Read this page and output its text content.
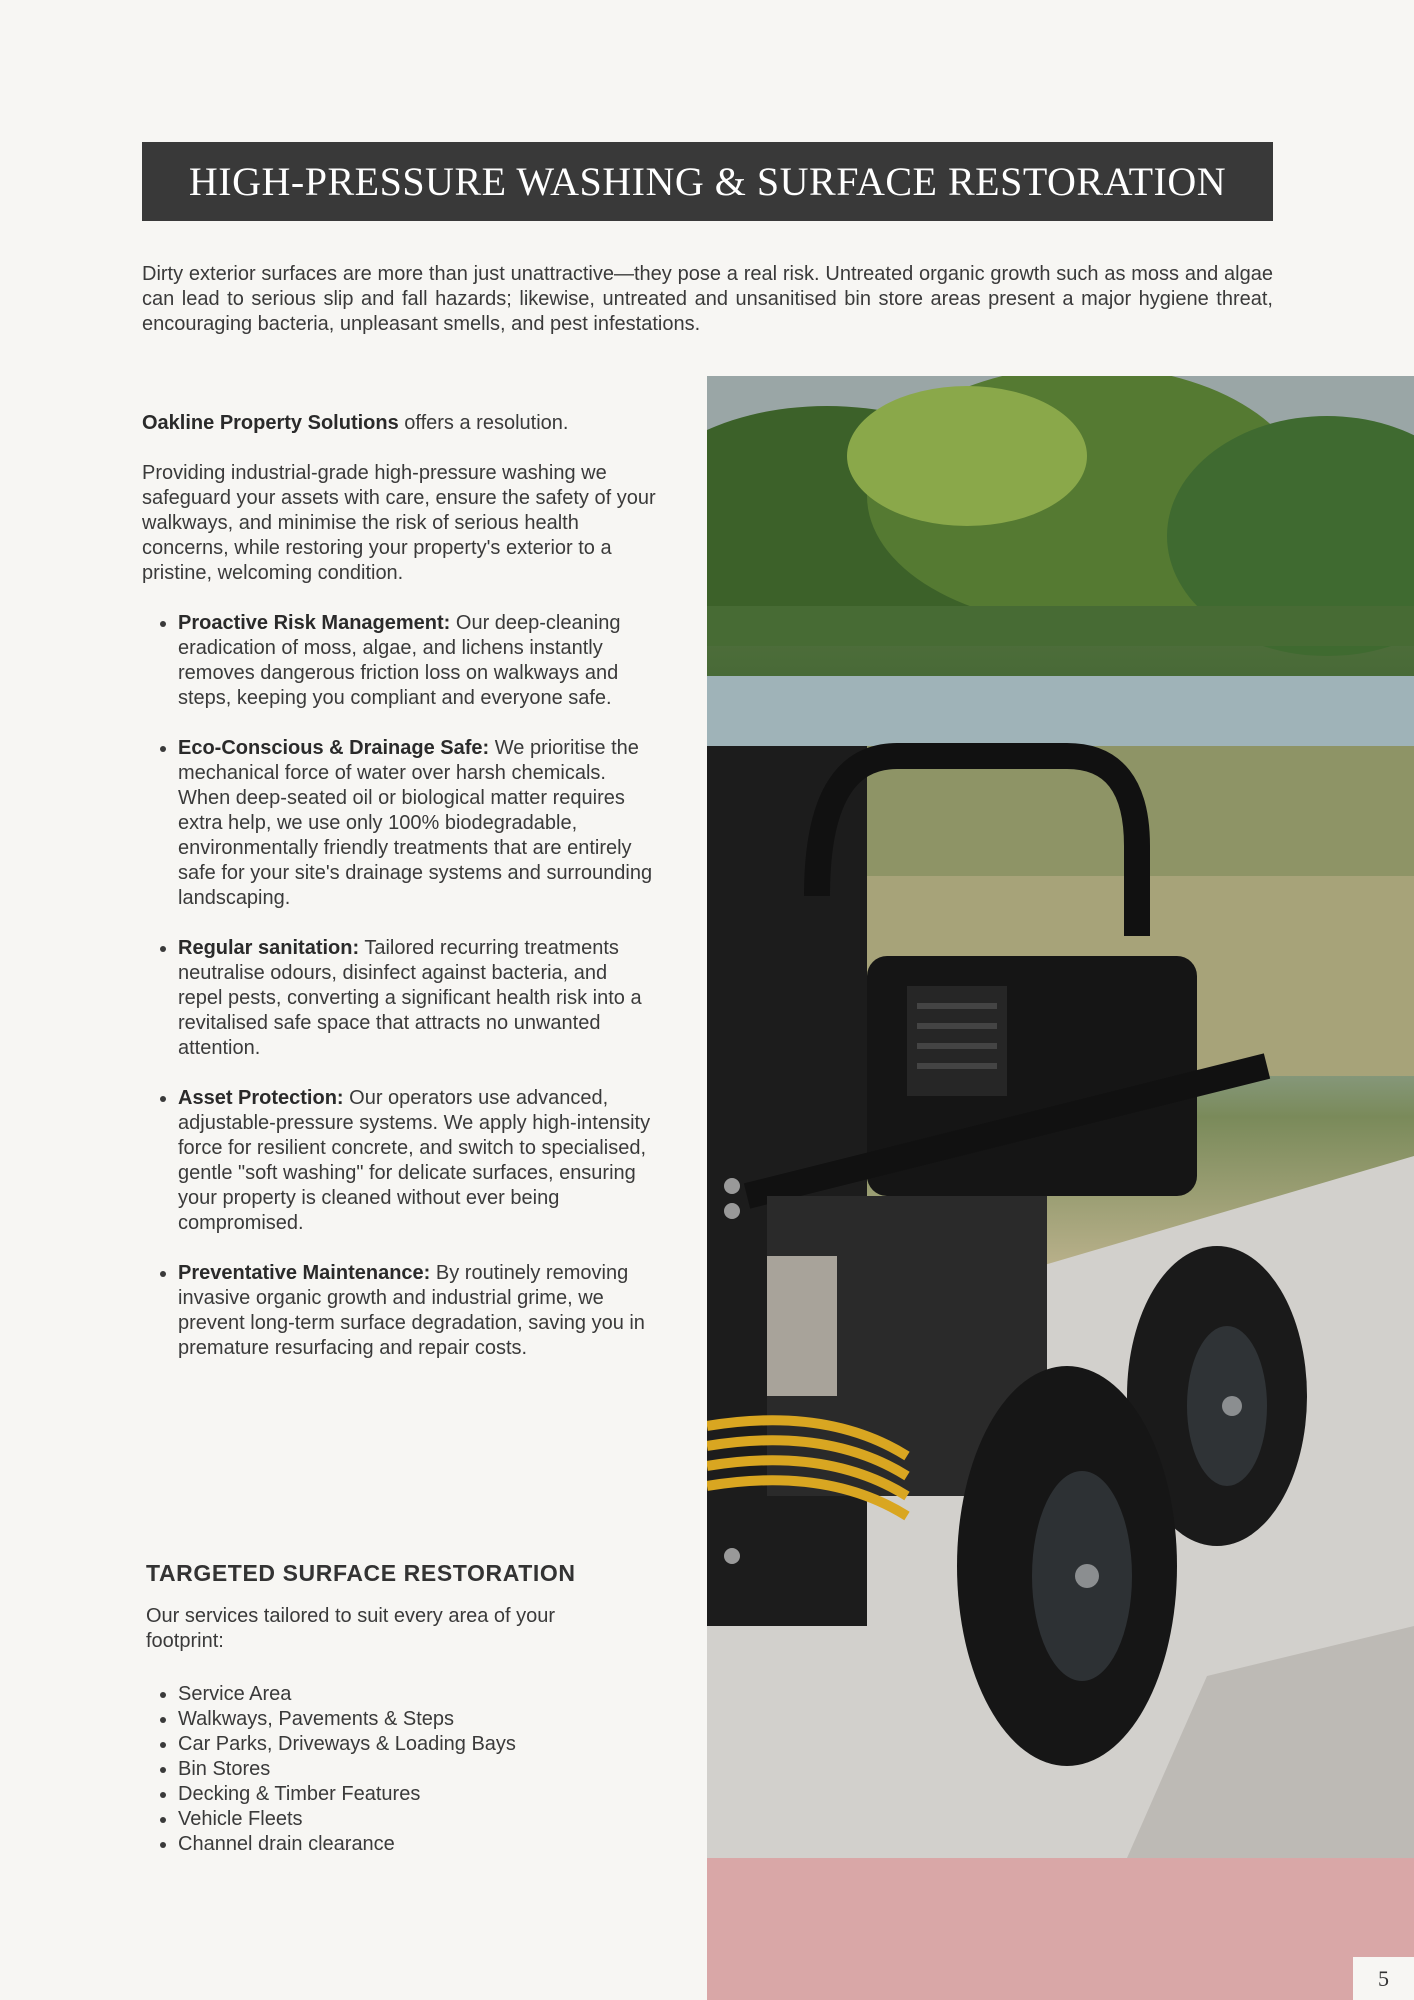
HIGH-PRESSURE WASHING & SURFACE RESTORATION

Dirty exterior surfaces are more than just unattractive—they pose a real risk. Untreated organic growth such as moss and algae can lead to serious slip and fall hazards; likewise, untreated and unsanitised bin store areas present a major hygiene threat, encouraging bacteria, unpleasant smells, and pest infestations.

Oakline Property Solutions offers a resolution.

Providing industrial-grade high-pressure washing we safeguard your assets with care, ensure the safety of your walkways, and minimise the risk of serious health concerns, while restoring your property's exterior to a pristine, welcoming condition.

• Proactive Risk Management: Our deep-cleaning eradication of moss, algae, and lichens instantly removes dangerous friction loss on walkways and steps, keeping you compliant and everyone safe.
• Eco-Conscious & Drainage Safe: We prioritise the mechanical force of water over harsh chemicals. When deep-seated oil or biological matter requires extra help, we use only 100% biodegradable, environmentally friendly treatments that are entirely safe for your site's drainage systems and surrounding landscaping.
• Regular sanitation: Tailored recurring treatments neutralise odours, disinfect against bacteria, and repel pests, converting a significant health risk into a revitalised safe space that attracts no unwanted attention.
• Asset Protection: Our operators use advanced, adjustable-pressure systems. We apply high-intensity force for resilient concrete, and switch to specialised, gentle "soft washing" for delicate surfaces, ensuring your property is cleaned without ever being compromised.
• Preventative Maintenance: By routinely removing invasive organic growth and industrial grime, we prevent long-term surface degradation, saving you in premature resurfacing and repair costs.
TARGETED SURFACE RESTORATION
Our services tailored to suit every area of your footprint:
• Service Area
• Walkways, Pavements & Steps
• Car Parks, Driveways & Loading Bays
• Bin Stores
• Decking & Timber Features
• Vehicle Fleets
• Channel drain clearance
5
